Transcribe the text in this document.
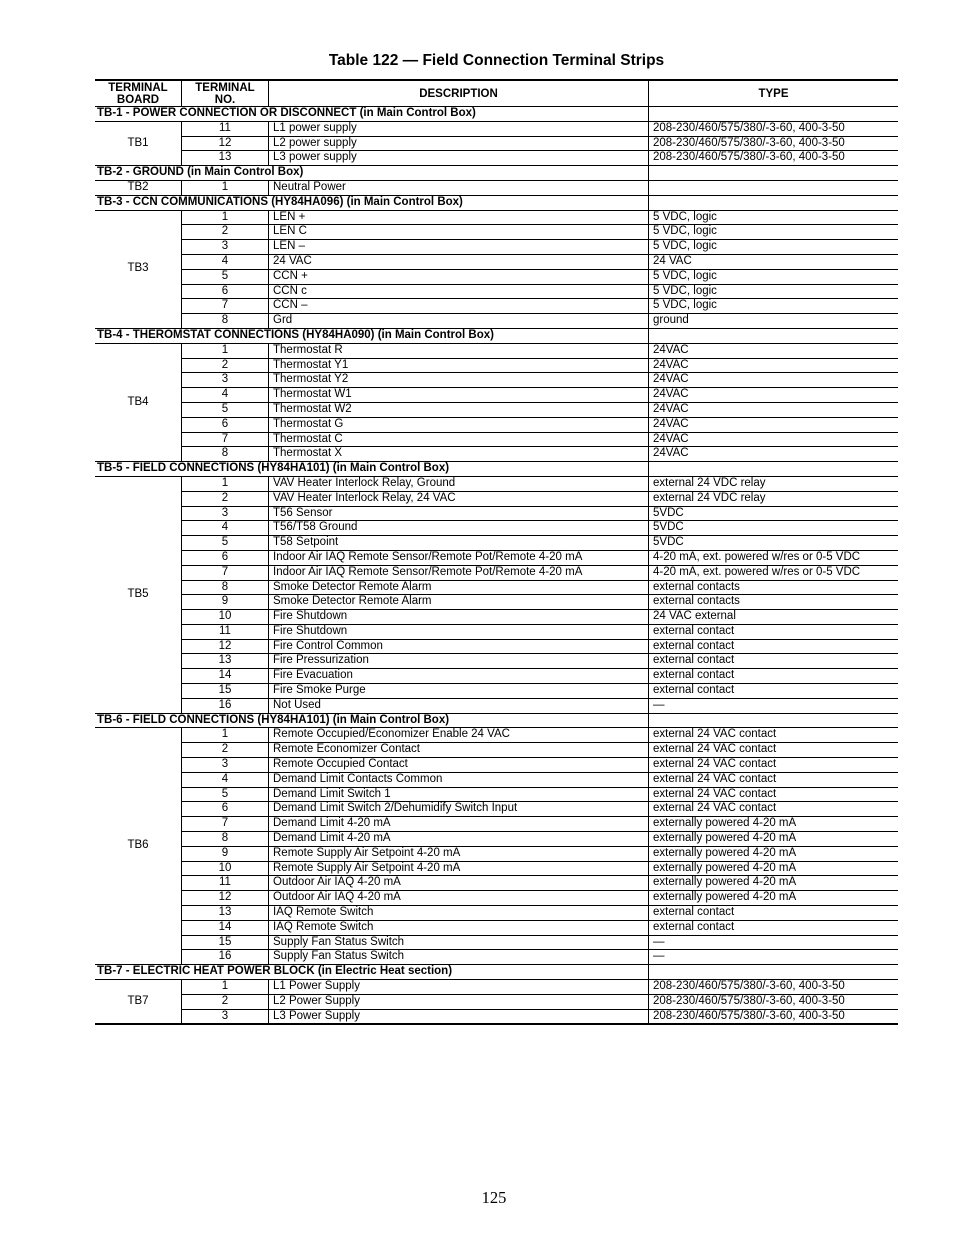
Table 122 — Field Connection Terminal Strips
TERMINAL
BOARD
TERMINAL
NO.	DESCRIPTION	TYPE
TB-1 - POWER CONNECTION OR DISCONNECT (in Main Control Box)
TB1
11	L1 power supply	208-230/460/575/380/-3-60, 400-3-50
12	L2 power supply	208-230/460/575/380/-3-60, 400-3-50
13	L3 power supply	208-230/460/575/380/-3-60, 400-3-50
TB-2 - GROUND (in Main Control Box)
TB2	1	Neutral Power
TB-3 - CCN COMMUNICATIONS (HY84HA096) (in Main Control Box)
TB3
1	LEN +	5 VDC, logic
2	LEN C	5 VDC, logic
3	LEN –	5 VDC, logic
4	24 VAC	24 VAC
5	CCN +	5 VDC, logic
6	CCN c	5 VDC, logic
7	CCN –	5 VDC, logic
8	Grd	ground
TB-4 - THEROMSTAT CONNECTIONS (HY84HA090) (in Main Control Box)
TB4
1	Thermostat R	24VAC
2	Thermostat Y1	24VAC
3	Thermostat Y2	24VAC
4	Thermostat W1	24VAC
5	Thermostat W2	24VAC
6	Thermostat G	24VAC
7	Thermostat C	24VAC
8	Thermostat X	24VAC
TB-5 - FIELD CONNECTIONS (HY84HA101) (in Main Control Box)
TB5
1	VAV Heater Interlock Relay, Ground	external 24 VDC relay
2	VAV Heater Interlock Relay, 24 VAC	external 24 VDC relay
3	T56 Sensor	5VDC
4	T56/T58 Ground	5VDC
5	T58 Setpoint	5VDC
6	Indoor Air IAQ Remote Sensor/Remote Pot/Remote 4-20 mA	4-20 mA, ext. powered w/res or 0-5 VDC
7	Indoor Air IAQ Remote Sensor/Remote Pot/Remote 4-20 mA	4-20 mA, ext. powered w/res or 0-5 VDC
8	Smoke Detector Remote Alarm	external contacts
9	Smoke Detector Remote Alarm	external contacts
10	Fire Shutdown	24 VAC external
11	Fire Shutdown	external contact
12	Fire Control Common	external contact
13	Fire Pressurization	external contact
14	Fire Evacuation	external contact
15	Fire Smoke Purge	external contact
16	Not Used	—
TB-6 - FIELD CONNECTIONS (HY84HA101) (in Main Control Box)
TB6
1	Remote Occupied/Economizer Enable 24 VAC	external 24 VAC contact
2	Remote Economizer Contact	external 24 VAC contact
3	Remote Occupied Contact	external 24 VAC contact
4	Demand Limit Contacts Common	external 24 VAC contact
5	Demand Limit Switch 1	external 24 VAC contact
6	Demand Limit Switch 2/Dehumidify Switch Input	external 24 VAC contact
7	Demand Limit 4-20 mA	externally powered 4-20 mA
8	Demand Limit 4-20 mA	externally powered 4-20 mA
9	Remote Supply Air Setpoint 4-20 mA	externally powered 4-20 mA
10	Remote Supply Air Setpoint 4-20 mA	externally powered 4-20 mA
11	Outdoor Air IAQ 4-20 mA	externally powered 4-20 mA
12	Outdoor Air IAQ 4-20 mA	externally powered 4-20 mA
13	IAQ Remote Switch	external contact
14	IAQ Remote Switch	external contact
15	Supply Fan Status Switch	—
16	Supply Fan Status Switch	—
TB-7 - ELECTRIC HEAT POWER BLOCK (in Electric Heat section)
TB7
1	L1 Power Supply	208-230/460/575/380/-3-60, 400-3-50
2	L2 Power Supply	208-230/460/575/380/-3-60, 400-3-50
3	L3 Power Supply	208-230/460/575/380/-3-60, 400-3-50
125
